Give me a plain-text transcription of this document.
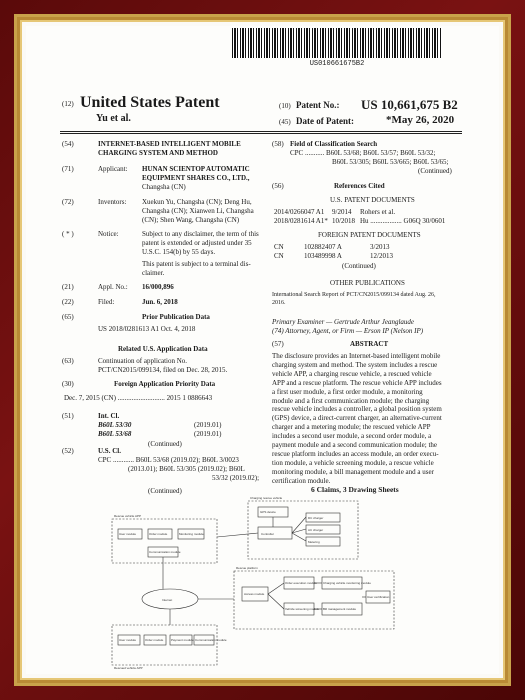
US010661675B2
(12) United States Patent
Yu et al.
(10) Patent No.: US 10,661,675 B2
(45) Date of Patent:	*May 26, 2020
(54)	INTERNET-BASED INTELLIGENT MOBILE

CHARGING SYSTEM AND METHOD
(71)	Applicant:	HUNAN SCIENTOP AUTOMATIC
EQUIPMENT SHARES CO., LTD.,
Changsha (CN)
(72)	Inventors:	Xuekun Yu, Changsha (CN); Deng Hu,
Changsha (CN); Xianwen Li, Changsha
(CN); Shen Wang, Changsha (CN)
( * )	Notice:	Subject to any disclaimer, the term of this
patent is extended or adjusted under 35
U.S.C. 154(b) by 55 days.
This patent is subject to a terminal dis-
claimer.
(21)	Appl. No.:	16/000,896
(22)	Filed:	Jun. 6, 2018
(65)	Prior Publication Data
US 2018/0281613 A1 Oct. 4, 2018
Related U.S. Application Data
(63)	Continuation of application No.
PCT/CN2015/099134, filed on Dec. 28, 2015.
(30)	Foreign Application Priority Data
Dec. 7, 2015 (CN) ........................... 2015 1 0886643
(51)	Int. Cl.
B60L 53/30	(2019.01)
B60L 53/68	(2019.01)
(Continued)
(52)	U.S. Cl.
CPC ............ B60L 53/68 (2019.02); B60L 3/0023
(2013.01); B60L 53/305 (2019.02); B60L
53/32 (2019.02);
(Continued)
(58) Field of Classification Search
CPC ........... B60L 53/68; B60L 53/57; B60L 53/32;
B60L 53/305; B60L 53/665; B60L 53/65;
(Continued)
(56)	References Cited
U.S. PATENT DOCUMENTS
2014/0266047 A1 9/2014 Rohers et al.
2018/0281614 A1* 10/2018 Hu .................. G06Q 30/0601
FOREIGN PATENT DOCUMENTS
CN	102882407 A	3/2013
CN	103489998 A	12/2013
(Continued)
OTHER PUBLICATIONS
International Search Report of PCT/CN2015/099134 dated Aug. 26,
2016.
Primary Examiner — Gertrude Arthur Jeanglaude
(74) Attorney, Agent, or Firm — Erson IP (Nelson IP)
(57)	ABSTRACT
The disclosure provides an Internet-based intelligent mobile
charging system and method. The system includes a rescue
vehicle APP, a charging rescue vehicle, a rescued vehicle
APP and a rescue platform. The rescue vehicle APP includes
a first user module, a first order module, a monitoring
module and a first communication module; the charging
rescue vehicle includes a controller, a global position system
(GPS) device, a direct-current charger, an alternative-current
charger and a metering module; the rescued vehicle APP
includes a second user module, a second order module, a
payment module and a second communication module; the
rescue platform includes an access module, an order execu-
tion module, a vehicle screening module, a rescue vehicle
monitoring module, a bill management module and a user
certification module.
6 Claims, 3 Drawing Sheets
Charging rescue vehicle
GPS device
Controller
DC charger
AC charger
Metering
Rescue vehicle APP
User module	Order module	Monitoring module
Communication module
Internet
Rescue platform
Access module
Order execution module Charging vehicle monitoring module
Vehicle screening module Bill management module
User certification
Rescued vehicle APP
User module	Order module	Payment module Communication module
